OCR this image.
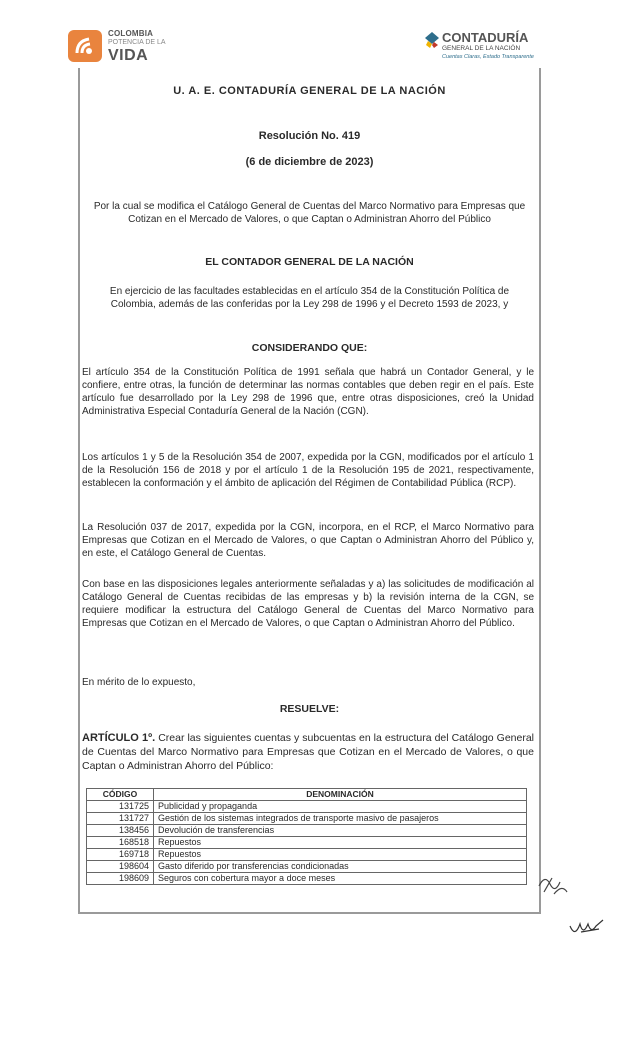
COLOMBIA
POTENCIA DE LA
VIDA
CONTADURÍA
GENERAL DE LA NACIÓN
Cuentas Claras, Estado Transparente
U. A. E. CONTADURÍA GENERAL DE LA NACIÓN
Resolución No. 419
(6 de diciembre de 2023)
Por la cual se modifica el Catálogo General de Cuentas del Marco Normativo para Empresas que Cotizan en el Mercado de Valores, o que Captan o Administran Ahorro del Público
EL CONTADOR GENERAL DE LA NACIÓN
En ejercicio de las facultades establecidas en el artículo 354 de la Constitución Política de Colombia, además de las conferidas por la Ley 298 de 1996 y el Decreto 1593 de 2023, y
CONSIDERANDO QUE:
El artículo 354 de la Constitución Política de 1991 señala que habrá un Contador General, y le confiere, entre otras, la función de determinar las normas contables que deben regir en el país. Este artículo fue desarrollado por la Ley 298 de 1996 que, entre otras disposiciones, creó la Unidad Administrativa Especial Contaduría General de la Nación (CGN).
Los artículos 1 y 5 de la Resolución 354 de 2007, expedida por la CGN, modificados por el artículo 1 de la Resolución 156 de 2018 y por el artículo 1 de la Resolución 195 de 2021, respectivamente, establecen la conformación y el ámbito de aplicación del Régimen de Contabilidad Pública (RCP).
La Resolución 037 de 2017, expedida por la CGN, incorpora, en el RCP, el Marco Normativo para Empresas que Cotizan en el Mercado de Valores, o que Captan o Administran Ahorro del Público y, en este, el Catálogo General de Cuentas.
Con base en las disposiciones legales anteriormente señaladas y a) las solicitudes de modificación al Catálogo General de Cuentas recibidas de las empresas y b) la revisión interna de la CGN, se requiere modificar la estructura del Catálogo General de Cuentas del Marco Normativo para Empresas que Cotizan en el Mercado de Valores, o que Captan o Administran Ahorro del Público.
En mérito de lo expuesto,
RESUELVE:
ARTÍCULO 1º. Crear las siguientes cuentas y subcuentas en la estructura del Catálogo General de Cuentas del Marco Normativo para Empresas que Cotizan en el Mercado de Valores, o que Captan o Administran Ahorro del Público:
CÓDIGO	DENOMINACIÓN
131725	Publicidad y propaganda
131727	Gestión de los sistemas integrados de transporte masivo de pasajeros
138456	Devolución de transferencias
168518	Repuestos
169718	Repuestos
198604	Gasto diferido por transferencias condicionadas
198609	Seguros con cobertura mayor a doce meses
